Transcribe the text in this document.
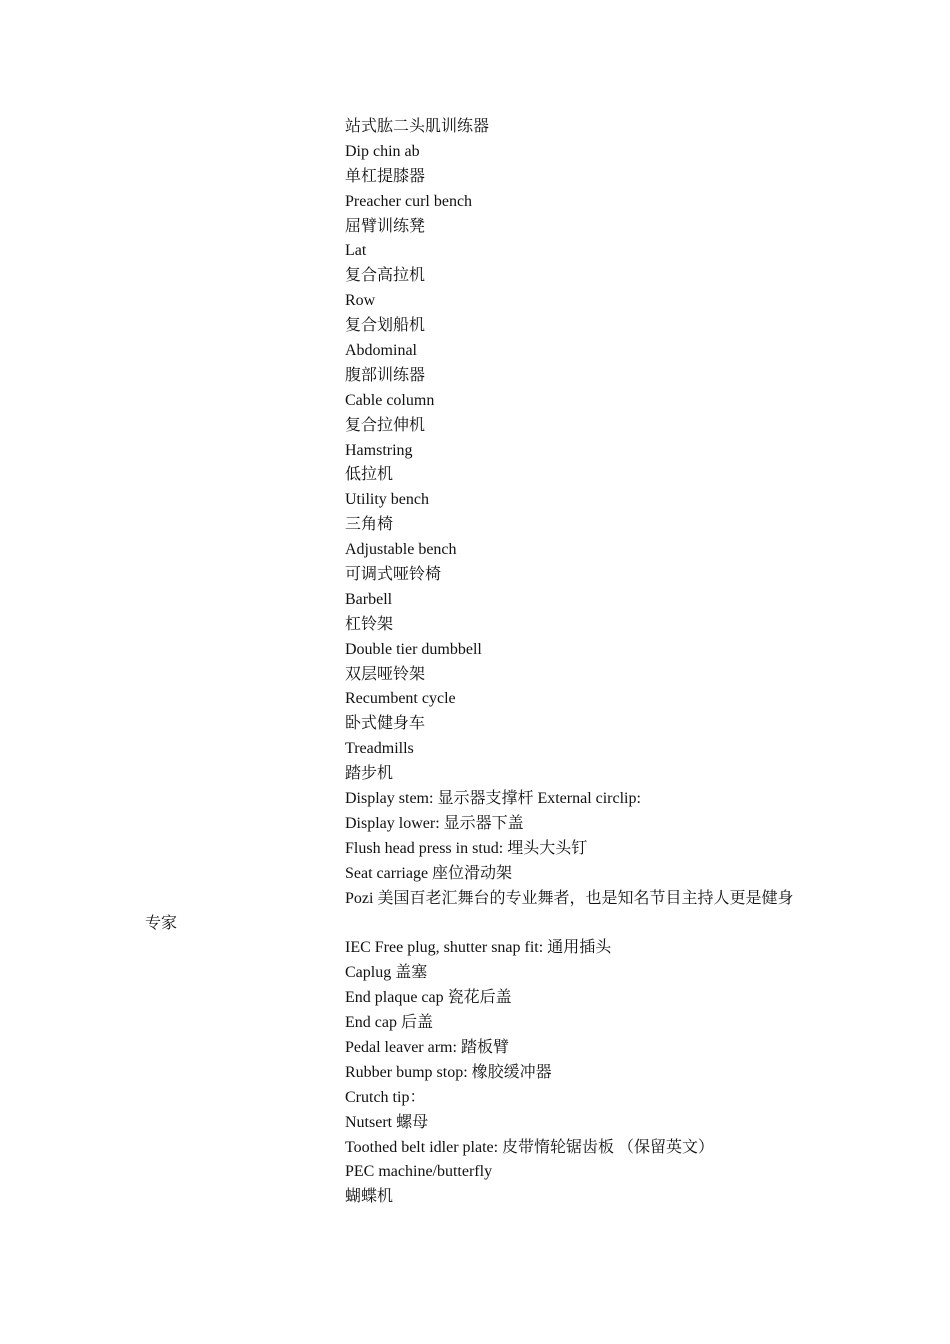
站式肱二头肌训练器
Dip chin ab
单杠提膝器
Preacher curl bench
屈臂训练凳
Lat
复合高拉机
Row
复合划船机
Abdominal
腹部训练器
Cable column
复合拉伸机
Hamstring
低拉机
Utility bench
三角椅
Adjustable bench
可调式哑铃椅
Barbell
杠铃架
Double tier dumbbell
双层哑铃架
Recumbent cycle
卧式健身车
Treadmills
踏步机
Display stem: 显示器支撑杆 External circlip:
Display lower: 显示器下盖
Flush head press in stud: 埋头大头钉
Seat carriage 座位滑动架
Pozi 美国百老汇舞台的专业舞者，也是知名节目主持人更是健身
专家
IEC Free plug, shutter snap fit: 通用插头
Caplug 盖塞
End plaque cap 瓷花后盖
End cap 后盖
Pedal leaver arm: 踏板臂
Rubber bump stop: 橡胶缓冲器
Crutch tip：
Nutsert 螺母
Toothed belt idler plate: 皮带惰轮锯齿板 （保留英文）
PEC machine/butterfly
蝴蝶机
